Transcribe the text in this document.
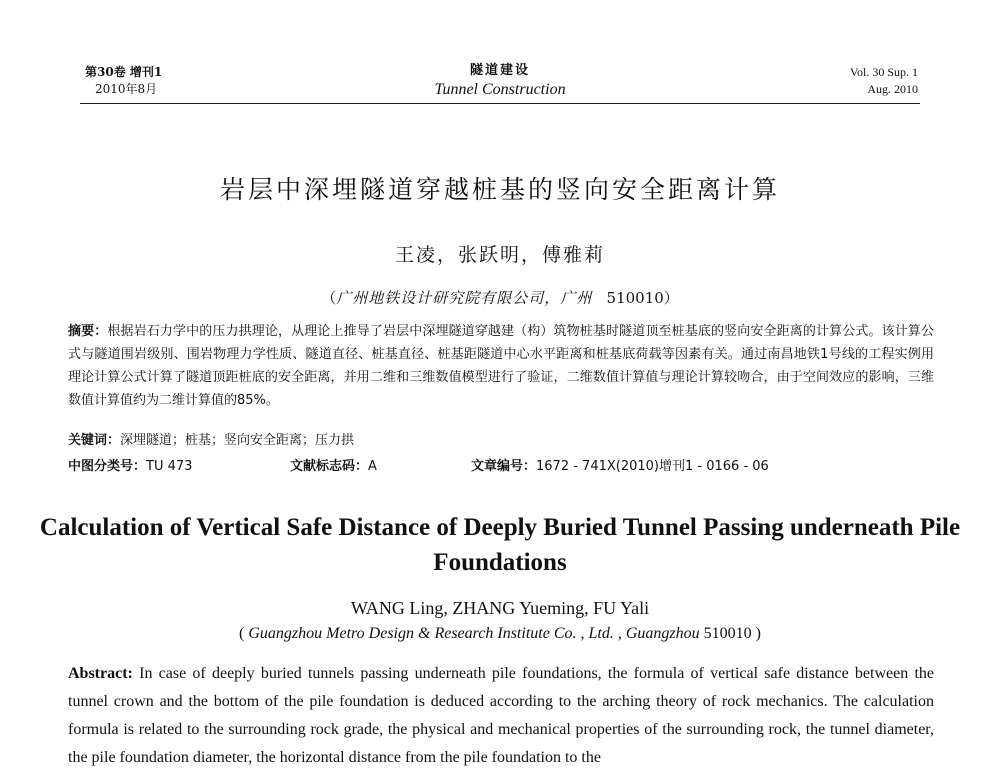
第30卷 增刊1
2010年8月
隧道建设
Tunnel Construction
Vol. 30 Sup. 1
Aug. 2010
岩层中深埋隧道穿越桩基的竖向安全距离计算
王凌，张跃明，傅雅莉
（广州地铁设计研究院有限公司，广州 510010）
摘要：根据岩石力学中的压力拱理论，从理论上推导了岩层中深埋隧道穿越建（构）筑物桩基时隧道顶至桩基底的竖向安全距离的计算公式。该计算公式与隧道围岩级别、围岩物理力学性质、隧道直径、桩基直径、桩基距隧道中心水平距离和桩基底荷载等因素有关。通过南昌地铁1号线的工程实例用理论计算公式计算了隧道顶距桩底的安全距离，并用二维和三维数值模型进行了验证，二维数值计算值与理论计算较吻合，由于空间效应的影响，三维数值计算值约为二维计算值的85%。
关键词：深埋隧道；桩基；竖向安全距离；压力拱
中图分类号：TU 473	文献标志码：A	文章编号：1672 - 741X(2010)增刊1 - 0166 - 06
Calculation of Vertical Safe Distance of Deeply Buried Tunnel Passing underneath Pile Foundations
WANG Ling, ZHANG Yueming, FU Yali
( Guangzhou Metro Design & Research Institute Co. , Ltd. , Guangzhou 510010 )
Abstract: In case of deeply buried tunnels passing underneath pile foundations, the formula of vertical safe distance between the tunnel crown and the bottom of the pile foundation is deduced according to the arching theory of rock mechanics. The calculation formula is related to the surrounding rock grade, the physical and mechanical properties of the surrounding rock, the tunnel diameter, the pile foundation diameter, the horizontal distance from the pile foundation to the
